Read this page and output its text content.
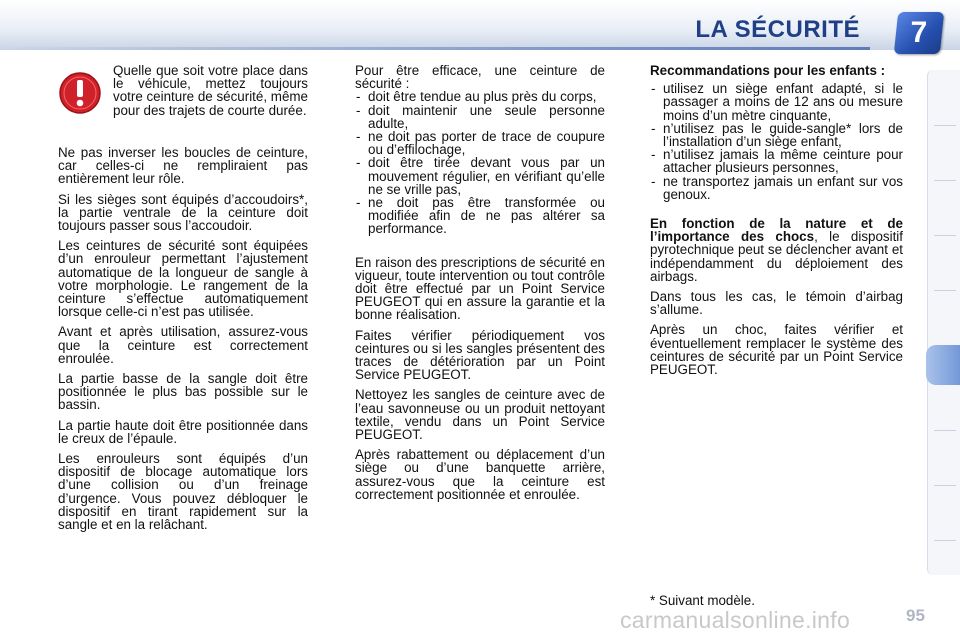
LA SÉCURITÉ	7

Quelle que soit votre place dans le véhicule, mettez toujours votre ceinture de sécurité, même pour des trajets de courte durée.

Ne pas inverser les boucles de ceinture, car celles-ci ne rempliraient pas entièrement leur rôle.

Si les sièges sont équipés d’accoudoirs*, la partie ventrale de la ceinture doit toujours passer sous l’accoudoir.

Les ceintures de sécurité sont équipées d’un enrouleur permettant l’ajustement automatique de la longueur de sangle à votre morphologie. Le rangement de la ceinture s’effectue automatiquement lorsque celle-ci n’est pas utilisée.

Avant et après utilisation, assurez-vous que la ceinture est correctement enroulée.

La partie basse de la sangle doit être positionnée le plus bas possible sur le bassin.

La partie haute doit être positionnée dans le creux de l’épaule.

Les enrouleurs sont équipés d’un dispositif de blocage automatique lors d’une collision ou d’un freinage d’urgence. Vous pouvez débloquer le dispositif en tirant rapidement sur la sangle et en la relâchant.

Pour être efficace, une ceinture de sécurité :

- doit être tendue au plus près du corps,
- doit maintenir une seule personne adulte,
- ne doit pas porter de trace de coupure ou d’effilochage,
- doit être tirée devant vous par un mouvement régulier, en vérifiant qu’elle ne se vrille pas,
- ne doit pas être transformée ou modifiée afin de ne pas altérer sa performance.

En raison des prescriptions de sécurité en vigueur, toute intervention ou tout contrôle doit être effectué par un Point Service PEUGEOT qui en assure la garantie et la bonne réalisation.

Faites vérifier périodiquement vos ceintures ou si les sangles présentent des traces de détérioration par un Point Service PEUGEOT.

Nettoyez les sangles de ceinture avec de l’eau savonneuse ou un produit nettoyant textile, vendu dans un Point Service PEUGEOT.

Après rabattement ou déplacement d’un siège ou d’une banquette arrière, assurez-vous que la ceinture est correctement positionnée et enroulée.

Recommandations pour les enfants :

- utilisez un siège enfant adapté, si le passager a moins de 12 ans ou mesure moins d’un mètre cinquante,
- n’utilisez pas le guide-sangle* lors de l’installation d’un siège enfant,
- n’utilisez jamais la même ceinture pour attacher plusieurs personnes,
- ne transportez jamais un enfant sur vos genoux.

En fonction de la nature et de l’importance des chocs, le dispositif pyrotechnique peut se déclencher avant et indépendamment du déploiement des airbags.

Dans tous les cas, le témoin d’airbag s’allume.

Après un choc, faites vérifier et éventuellement remplacer le système des ceintures de sécurité par un Point Service PEUGEOT.

* Suivant modèle.
carmanualsonline.info	95
